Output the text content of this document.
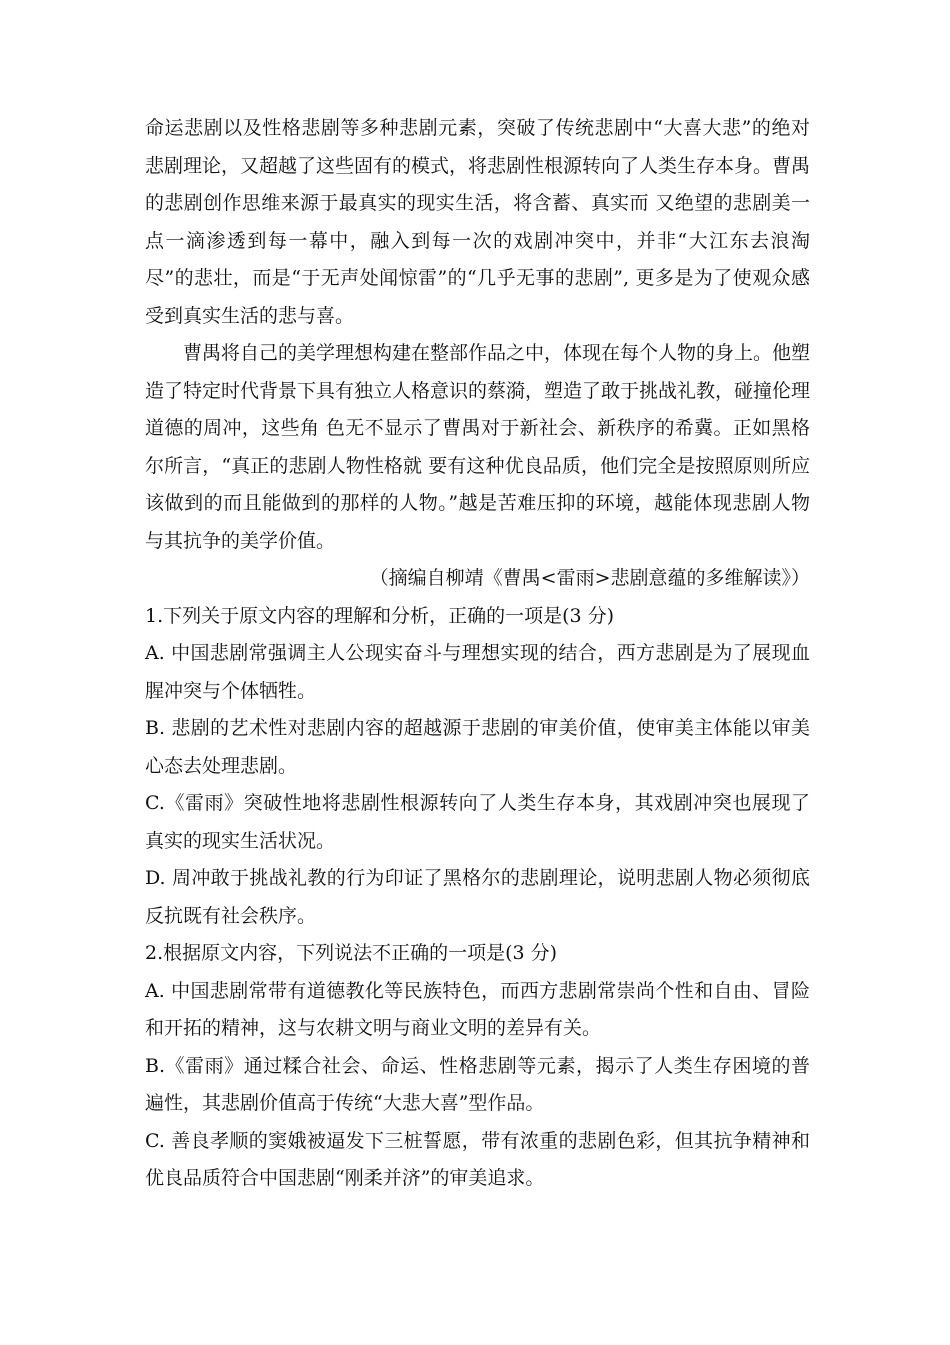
命运悲剧以及性格悲剧等多种悲剧元素，突破了传统悲剧中“大喜大悲”的绝对悲剧理论，又超越了这些固有的模式，将悲剧性根源转向了人类生存本身。曹禺的悲剧创作思维来源于最真实的现实生活，将含蓄、真实而 又绝望的悲剧美一点一滴渗透到每一幕中，融入到每一次的戏剧冲突中，并非“大江东去浪淘尽”的悲壮，而是“于无声处闻惊雷”的“几乎无事的悲剧”, 更多是为了使观众感受到真实生活的悲与喜。

曹禺将自己的美学理想构建在整部作品之中，体现在每个人物的身上。他塑造了特定时代背景下具有独立人格意识的蔡漪，塑造了敢于挑战礼教，碰撞伦理道德的周冲，这些角 色无不显示了曹禺对于新社会、新秩序的希冀。正如黑格尔所言，“真正的悲剧人物性格就 要有这种优良品质，他们完全是按照原则所应该做到的而且能做到的那样的人物。”越是苦难压抑的环境，越能体现悲剧人物与其抗争的美学价值。

（摘编自柳靖《曹禺<雷雨>悲剧意蕴的多维解读》）

1.下列关于原文内容的理解和分析，正确的一项是(3 分)

A. 中国悲剧常强调主人公现实奋斗与理想实现的结合，西方悲剧是为了展现血腥冲突与个体牺牲。

B. 悲剧的艺术性对悲剧内容的超越源于悲剧的审美价值，使审美主体能以审美心态去处理悲剧。

C.《雷雨》突破性地将悲剧性根源转向了人类生存本身，其戏剧冲突也展现了真实的现实生活状况。

D. 周冲敢于挑战礼教的行为印证了黑格尔的悲剧理论，说明悲剧人物必须彻底反抗既有社会秩序。

2.根据原文内容，下列说法不正确的一项是(3 分)

A. 中国悲剧常带有道德教化等民族特色，而西方悲剧常崇尚个性和自由、冒险和开拓的精神，这与农耕文明与商业文明的差异有关。

B.《雷雨》通过糅合社会、命运、性格悲剧等元素，揭示了人类生存困境的普遍性，其悲剧价值高于传统“大悲大喜”型作品。

C. 善良孝顺的窦娥被逼发下三桩誓愿，带有浓重的悲剧色彩，但其抗争精神和优良品质符合中国悲剧“刚柔并济”的审美追求。
